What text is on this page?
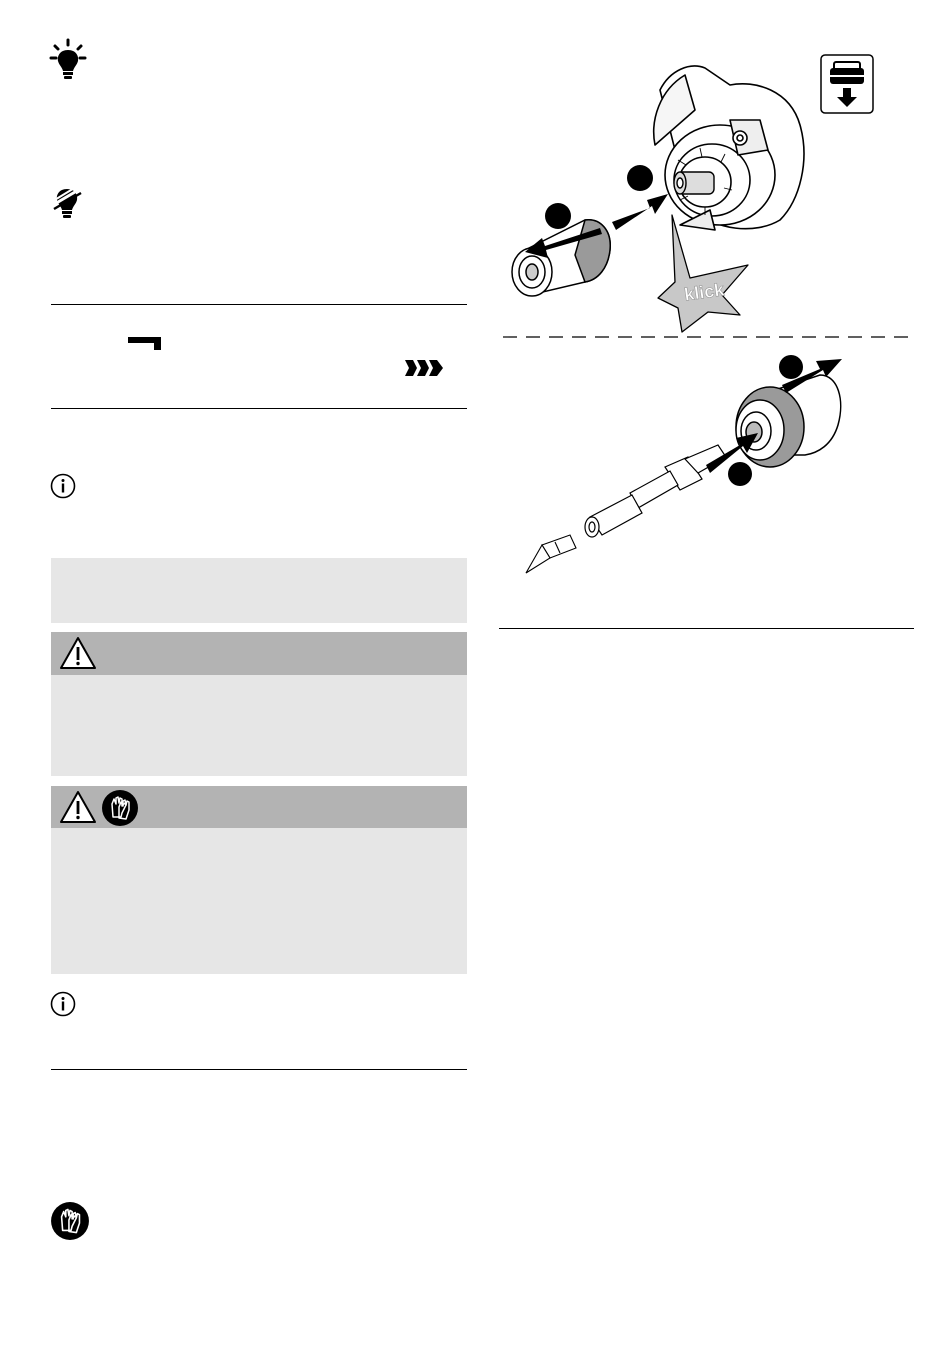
klick
